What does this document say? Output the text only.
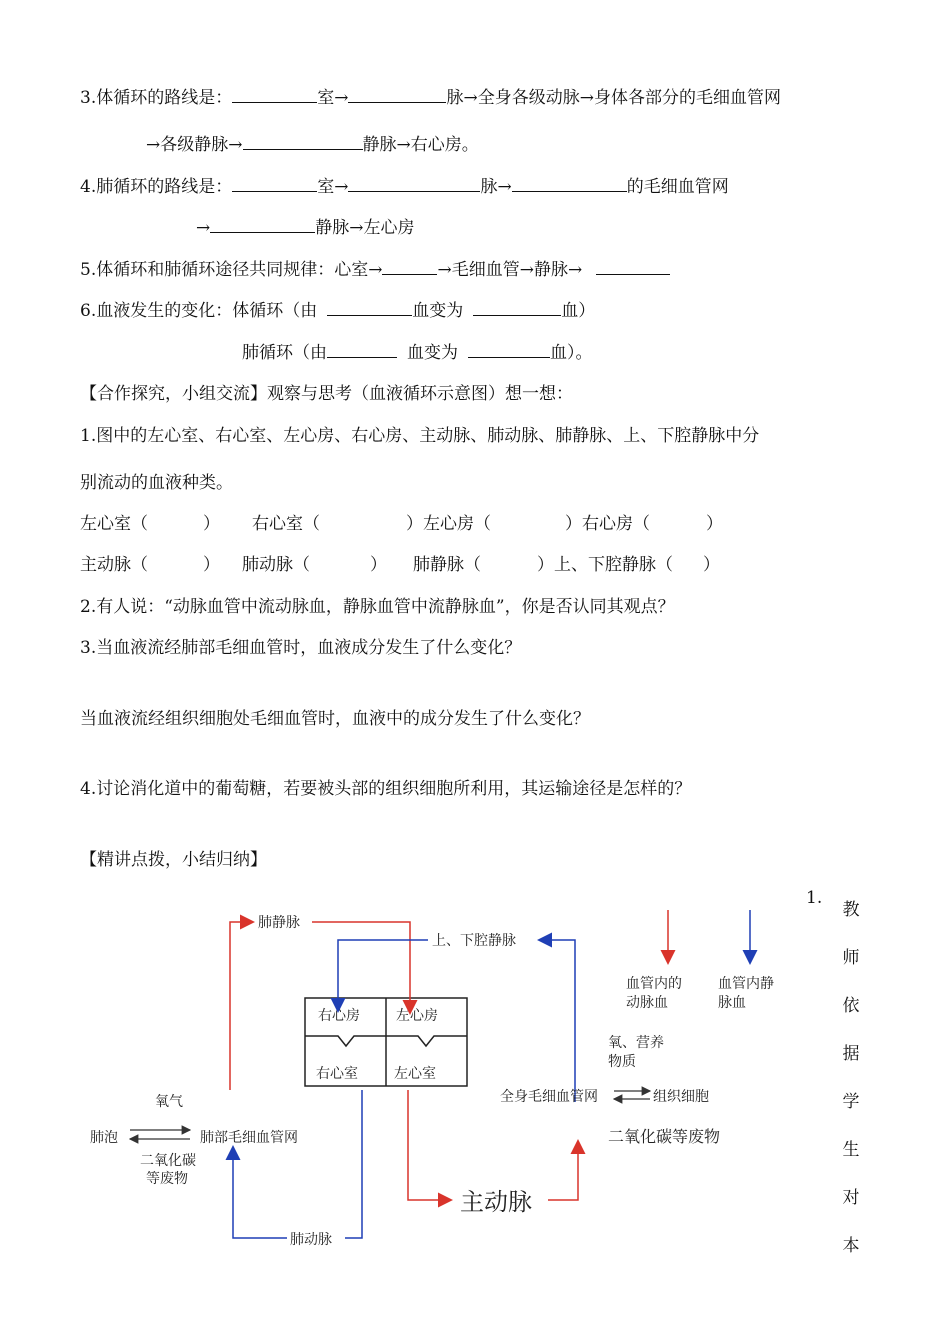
3.体循环的路线是：	室→	脉→全身各级动脉→身体各部分的毛细血管网
→各级静脉→	静脉→右心房。
4.肺循环的路线是：	室→	脉→	的毛细血管网
→	静脉→左心房
5.体循环和肺循环途径共同规律：心室→	→毛细血管→静脉→
6.血液发生的变化：体循环（由	血变为	血）
肺循环（由	血变为	血）。
【合作探究，小组交流】观察与思考（血液循环示意图）想一想：
1.图中的左心室、右心室、左心房、右心房、主动脉、肺动脉、肺静脉、上、下腔静脉中分
别流动的血液种类。
左心室（	） 右心室（	）左心房（	）右心房（	）
主动脉（	） 肺动脉（	） 肺静脉（	）上、下腔静脉（ ）
2.有人说：“动脉血管中流动脉血，静脉血管中流静脉血”，你是否认同其观点？
3.当血液流经肺部毛细血管时，血液成分发生了什么变化？
当血液流经组织细胞处毛细血管时，血液中的成分发生了什么变化？
4.讨论消化道中的葡萄糖，若要被头部的组织细胞所利用，其运输途径是怎样的？
【精讲点拨，小结归纳】
1.
教
师
依
据
学
生
对
本
右心房	左心房
右心室	左心室
肺静脉
上、下腔静脉
肺动脉
主动脉
氧气
肺泡	肺部毛细血管网
二氧化碳
等废物
氧、营养
物质
全身毛细血管网	组织细胞
二氧化碳等废物
血管内的
动脉血
血管内静
脉血
